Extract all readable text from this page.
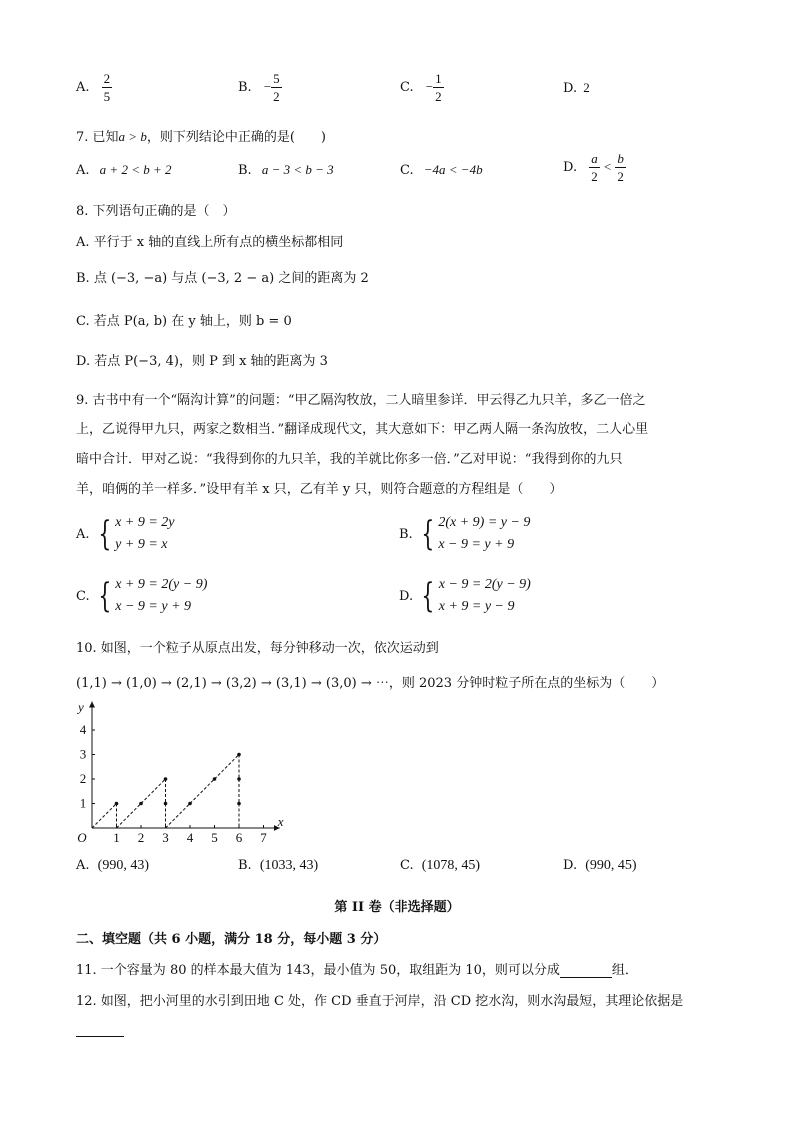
A. $\frac{2}{5}$	B. − $\frac{5}{2}$	C. − $\frac{1}{2}$	D. 2
7. 已知a > b，则下列结论中正确的是(　　)
A. a + 2 < b + 2	B. a − 3 < b − 3	C. −4a < −4b	D. $\frac{a}{2} < \frac{b}{2}$
8. 下列语句正确的是（　）
A. 平行于 x 轴的直线上所有点的横坐标都相同
B. 点 (−3, −a) 与点 (−3, 2 − a) 之间的距离为 2
C. 若点 P(a, b) 在 y 轴上，则 b = 0
D. 若点 P(−3, 4)，则 P 到 x 轴的距离为 3
9. 古书中有一个“隔沟计算”的问题：“甲乙隔沟牧放，二人暗里参详．甲云得乙九只羊，多乙一倍之
上，乙说得甲九只，两家之数相当．”翻译成现代文，其大意如下：甲乙两人隔一条沟放牧，二人心里
暗中合计．甲对乙说：“我得到你的九只羊，我的羊就比你多一倍．”乙对甲说：“我得到你的九只
羊，咱俩的羊一样多．”设甲有羊 x 只，乙有羊 y 只，则符合题意的方程组是（　　）
A. { x + 9 = 2y
y + 9 = x
B. { 2(x + 9) = y − 9
x − 9 = y + 9
C. { x + 9 = 2(y − 9)
x − 9 = y + 9
D. { x − 9 = 2(y − 9)
x + 9 = y − 9
10. 如图，一个粒子从原点出发，每分钟移动一次，依次运动到
(1,1) → (1,0) → (2,1) → (3,2) → (3,1) → (3,0) → ⋯，则 2023 分钟时粒子所在点的坐标为（　　）
1 2 3 4 5 6 7
1
2
3
4
O
x
y
A. (990, 43)	B. (1033, 43)	C. (1078, 45)	D. (990, 45)
第 II 卷（非选择题）
二、填空题（共 6 小题，满分 18 分，每小题 3 分）
11. 一个容量为 80 的样本最大值为 143，最小值为 50，取组距为 10，则可以分成	组．
12. 如图，把小河里的水引到田地 C 处，作 CD 垂直于河岸，沿 CD 挖水沟，则水沟最短，其理论依据是
